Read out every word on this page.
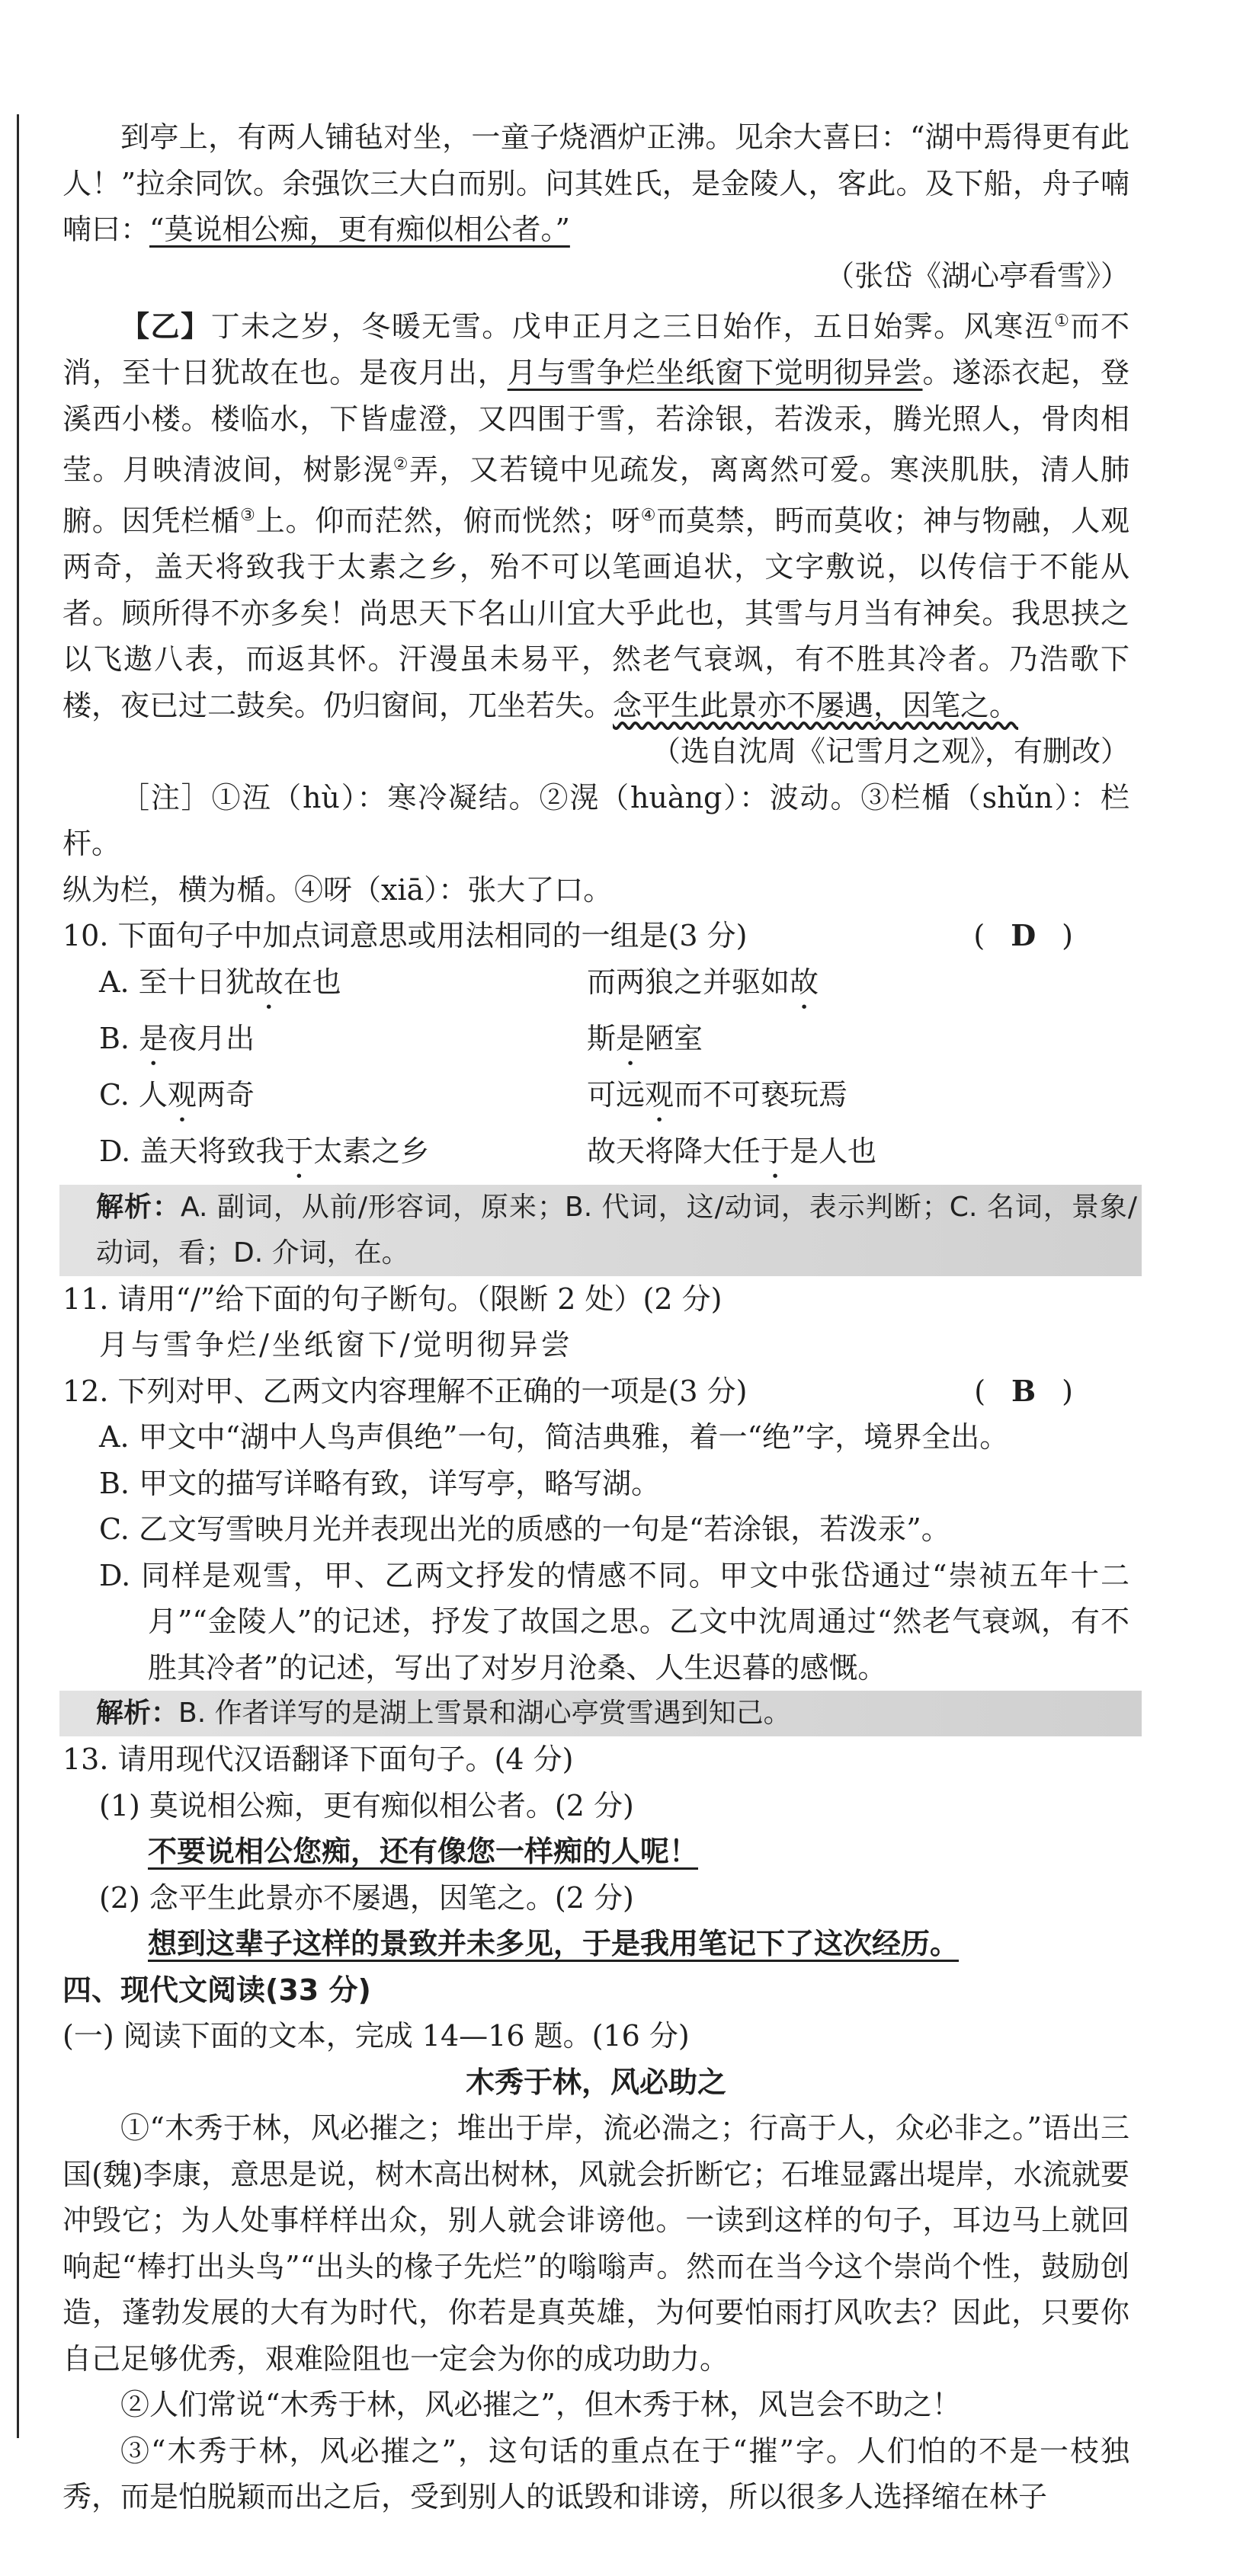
到亭上，有两人铺毡对坐，一童子烧酒炉正沸。见余大喜曰：“湖中焉得更有此人！”拉余同饮。余强饮三大白而别。问其姓氏，是金陵人，客此。及下船，舟子喃喃曰：“莫说相公痴，更有痴似相公者。”

（张岱《湖心亭看雪》）

【乙】丁未之岁，冬暖无雪。戊申正月之三日始作，五日始霁。风寒沍①而不消，至十日犹故在也。是夜月出，月与雪争烂坐纸窗下觉明彻异尝。遂添衣起，登溪西小楼。楼临水，下皆虚澄，又四围于雪，若涂银，若泼汞，腾光照人，骨肉相莹。月映清波间，树影滉②弄，又若镜中见疏发，离离然可爱。寒浃肌肤，清人肺腑。因凭栏楯③上。仰而茫然，俯而恍然；呀④而莫禁，眄而莫收；神与物融，人观两奇，盖天将致我于太素之乡，殆不可以笔画追状，文字敷说，以传信于不能从者。顾所得不亦多矣！尚思天下名山川宜大乎此也，其雪与月当有神矣。我思挟之以飞遨八表，而返其怀。汗漫虽未易平，然老气衰飒，有不胜其冷者。乃浩歌下楼，夜已过二鼓矣。仍归窗间，兀坐若失。念平生此景亦不屡遇，因笔之。

（选自沈周《记雪月之观》，有删改）

［注］①沍（hù）：寒冷凝结。②滉（huàng）：波动。③栏楯（shǔn）：栏杆。
纵为栏，横为楯。④呀（xiā）：张大了口。

10. 下面句子中加点词意思或用法相同的一组是(3 分)	( D )
A. 至十日犹故在也	而两狼之并驱如故
B. 是夜月出	斯是陋室
C. 人观两奇	可远观而不可亵玩焉
D. 盖天将致我于太素之乡	故天将降大任于是人也
解析：A. 副词，从前/形容词，原来；B. 代词，这/动词，表示判断；C. 名词，景象/动词，看；D. 介词，在。

11. 请用“/”给下面的句子断句。（限断 2 处）(2 分)

月与雪争烂/坐纸窗下/觉明彻异尝

12. 下列对甲、乙两文内容理解不正确的一项是(3 分)	( B )

A. 甲文中“湖中人鸟声俱绝”一句，简洁典雅，着一“绝”字，境界全出。

B. 甲文的描写详略有致，详写亭，略写湖。

C. 乙文写雪映月光并表现出光的质感的一句是“若涂银，若泼汞”。

D. 同样是观雪，甲、乙两文抒发的情感不同。甲文中张岱通过“崇祯五年十二月”“金陵人”的记述，抒发了故国之思。乙文中沈周通过“然老气衰飒，有不胜其冷者”的记述，写出了对岁月沧桑、人生迟暮的感慨。

解析：B. 作者详写的是湖上雪景和湖心亭赏雪遇到知己。

13. 请用现代汉语翻译下面句子。(4 分)

(1) 莫说相公痴，更有痴似相公者。(2 分)

不要说相公您痴，还有像您一样痴的人呢！

(2) 念平生此景亦不屡遇，因笔之。(2 分)

想到这辈子这样的景致并未多见，于是我用笔记下了这次经历。

四、现代文阅读(33 分)

(一) 阅读下面的文本，完成 14—16 题。(16 分)

木秀于林，风必助之

①“木秀于林，风必摧之；堆出于岸，流必湍之；行高于人，众必非之。”语出三国(魏)李康，意思是说，树木高出树林，风就会折断它；石堆显露出堤岸，水流就要冲毁它；为人处事样样出众，别人就会诽谤他。一读到这样的句子，耳边马上就回响起“棒打出头鸟”“出头的椽子先烂”的嗡嗡声。然而在当今这个崇尚个性，鼓励创造，蓬勃发展的大有为时代，你若是真英雄，为何要怕雨打风吹去？因此，只要你自己足够优秀，艰难险阻也一定会为你的成功助力。

②人们常说“木秀于林，风必摧之”，但木秀于林，风岂会不助之！

③“木秀于林，风必摧之”，这句话的重点在于“摧”字。人们怕的不是一枝独秀，而是怕脱颖而出之后，受到别人的诋毁和诽谤，所以很多人选择缩在林子
